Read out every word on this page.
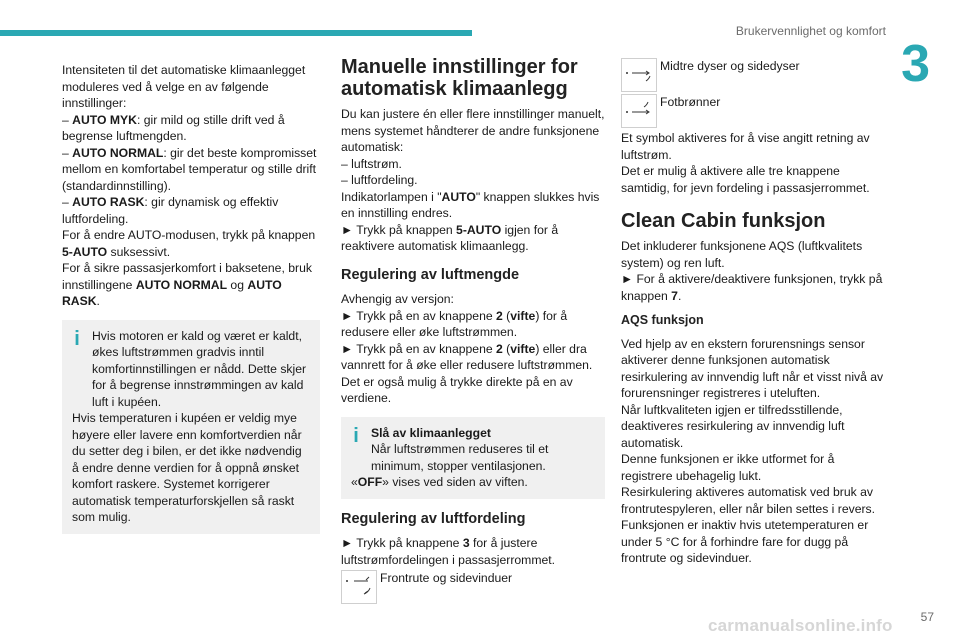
Brukervennlighet og komfort
3

Intensiteten til det automatiske klimaanlegget moduleres ved å velge en av følgende innstillinger:

– AUTO MYK: gir mild og stille drift ved å begrense luftmengden.

– AUTO NORMAL: gir det beste kompromisset mellom en komfortabel temperatur og stille drift (standardinnstilling).

– AUTO RASK: gir dynamisk og effektiv luftfordeling.

For å endre AUTO-modusen, trykk på knappen 5-AUTO suksessivt.

For å sikre passasjerkomfort i baksetene, bruk innstillingene AUTO NORMAL og AUTO RASK.

i	Hvis motoren er kald og været er kaldt, økes luftstrømmen gradvis inntil komfortinnstillingen er nådd. Dette skjer for å begrense innstrømmingen av kald luft i kupéen.

Hvis temperaturen i kupéen er veldig mye høyere eller lavere enn komfortverdien når du setter deg i bilen, er det ikke nødvendig å endre denne verdien for å oppnå ønsket komfort raskere. Systemet korrigerer automatisk temperaturforskjellen så raskt som mulig.

Manuelle innstillinger for automatisk klimaanlegg

Du kan justere én eller flere innstillinger manuelt, mens systemet håndterer de andre funksjonene automatisk:

– luftstrøm.

– luftfordeling.

Indikatorlampen i "AUTO" knappen slukkes hvis en innstilling endres.

► Trykk på knappen 5-AUTO igjen for å reaktivere automatisk klimaanlegg.

Regulering av luftmengde

Avhengig av versjon:

► Trykk på en av knappene 2 (vifte) for å redusere eller øke luftstrømmen.

► Trykk på en av knappene 2 (vifte) eller dra vannrett for å øke eller redusere luftstrømmen.

Det er også mulig å trykke direkte på en av verdiene.

i	Slå av klimaanlegget

Når luftstrømmen reduseres til et minimum, stopper ventilasjonen.

«OFF» vises ved siden av viften.

Regulering av luftfordeling

► Trykk på knappene 3 for å justere luftstrømfordelingen i passasjerrommet.

Frontrute og sidevinduer
Midtre dyser og sidedyser
Fotbrønner

Et symbol aktiveres for å vise angitt retning av luftstrøm.

Det er mulig å aktivere alle tre knappene samtidig, for jevn fordeling i passasjerrommet.

Clean Cabin funksjon

Det inkluderer funksjonene AQS (luftkvalitets system) og ren luft.

► For å aktivere/deaktivere funksjonen, trykk på knappen 7.

AQS funksjon

Ved hjelp av en ekstern forurensnings sensor aktiverer denne funksjonen automatisk resirkulering av innvendig luft når et visst nivå av forurensninger registreres i uteluften.

Når luftkvaliteten igjen er tilfredsstillende, deaktiveres resirkulering av innvendig luft automatisk.

Denne funksjonen er ikke utformet for å registrere ubehagelig lukt.

Resirkulering aktiveres automatisk ved bruk av frontrutespyleren, eller når bilen settes i revers.

Funksjonen er inaktiv hvis utetemperaturen er under 5 °C for å forhindre fare for dugg på frontrute og sidevinduer.

57
carmanualsonline.info
